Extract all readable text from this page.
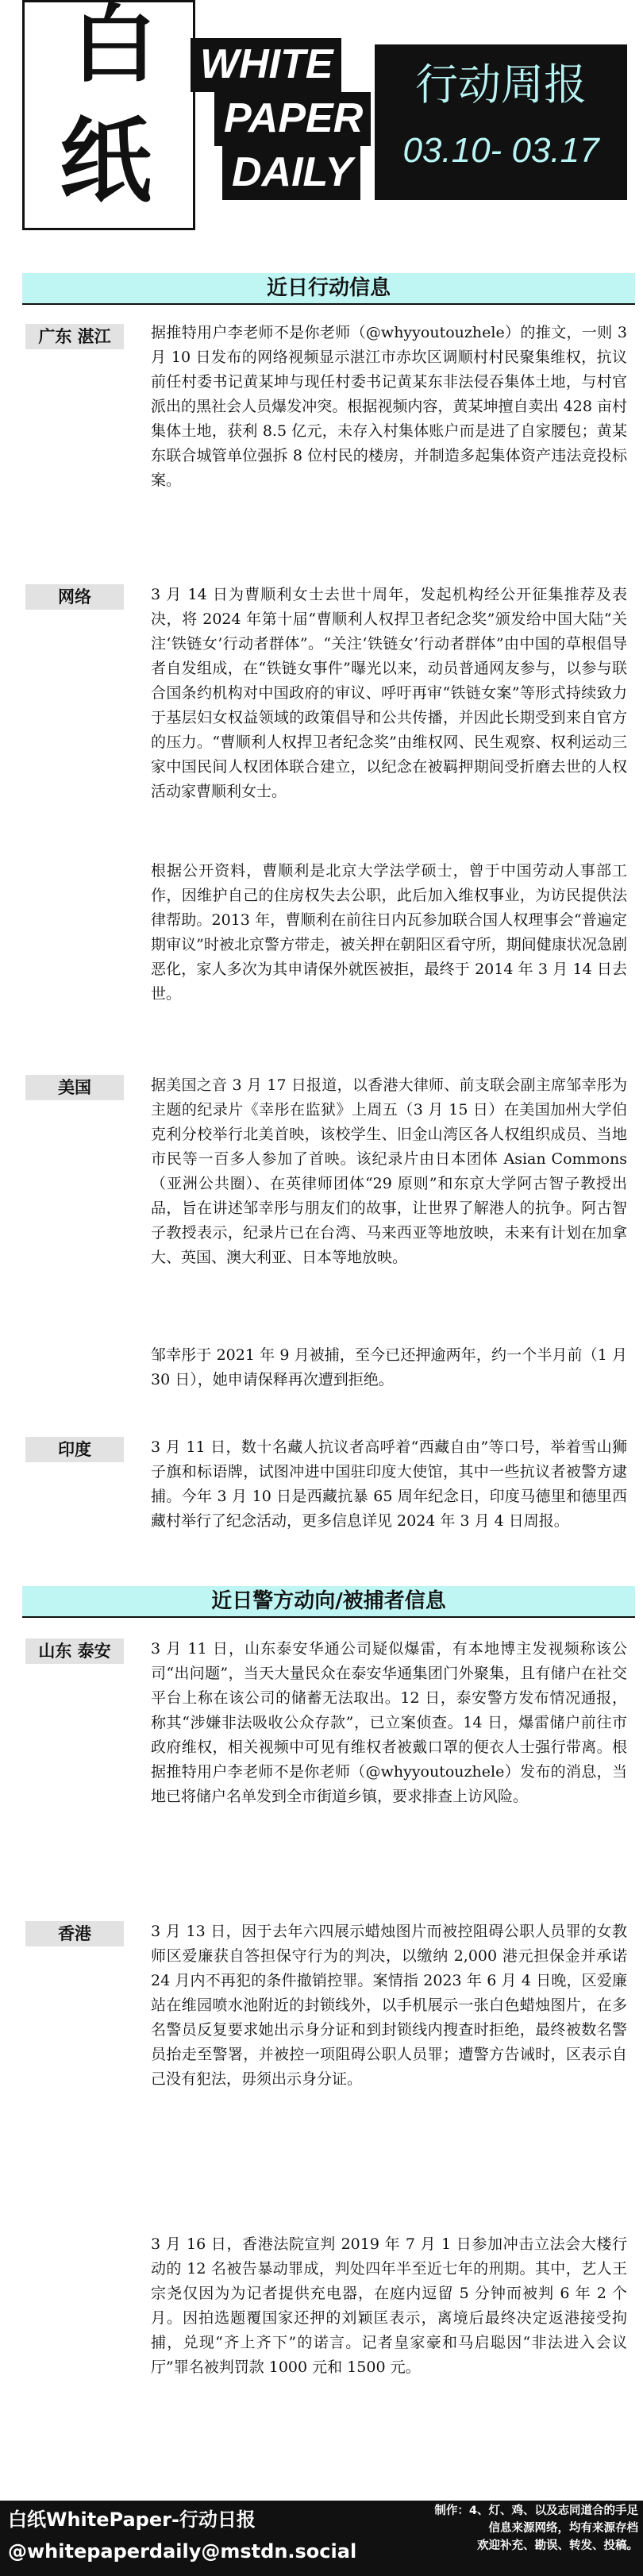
白
纸
WHITE
PAPER
DAILY
行动周报
03.10- 03.17
近日行动信息
广东 湛江	据推特用户李老师不是你老师（@whyyoutouzhele）的推文，一则 3 月 10 日发布的网络视频显示湛江市赤坎区调顺村村民聚集维权，抗议前任村委书记黄某坤与现任村委书记黄某东非法侵吞集体土地，与村官派出的黑社会人员爆发冲突。根据视频内容，黄某坤擅自卖出 428 亩村集体土地，获利 8.5 亿元，未存入村集体账户而是进了自家腰包；黄某东联合城管单位强拆 8 位村民的楼房，并制造多起集体资产违法竞投标案。
网络	3 月 14 日为曹顺利女士去世十周年，发起机构经公开征集推荐及表决，将 2024 年第十届“曹顺利人权捍卫者纪念奖”颁发给中国大陆“关注‘铁链女’行动者群体”。“关注‘铁链女’行动者群体”由中国的草根倡导者自发组成，在“铁链女事件”曝光以来，动员普通网友参与，以参与联合国条约机构对中国政府的审议、呼吁再审“铁链女案”等形式持续致力于基层妇女权益领域的政策倡导和公共传播，并因此长期受到来自官方的压力。“曹顺利人权捍卫者纪念奖”由维权网、民生观察、权利运动三家中国民间人权团体联合建立，以纪念在被羁押期间受折磨去世的人权活动家曹顺利女士。
根据公开资料，曹顺利是北京大学法学硕士，曾于中国劳动人事部工作，因维护自己的住房权失去公职，此后加入维权事业，为访民提供法律帮助。2013 年，曹顺利在前往日内瓦参加联合国人权理事会“普遍定期审议”时被北京警方带走，被关押在朝阳区看守所，期间健康状况急剧恶化，家人多次为其申请保外就医被拒，最终于 2014 年 3 月 14 日去世。
美国	据美国之音 3 月 17 日报道，以香港大律师、前支联会副主席邹幸彤为主题的纪录片《幸彤在监狱》上周五（3 月 15 日）在美国加州大学伯克利分校举行北美首映，该校学生、旧金山湾区各人权组织成员、当地市民等一百多人参加了首映。该纪录片由日本团体 Asian Commons（亚洲公共圈）、在英律师团体“29 原则”和东京大学阿古智子教授出品，旨在讲述邹幸彤与朋友们的故事，让世界了解港人的抗争。阿古智子教授表示，纪录片已在台湾、马来西亚等地放映，未来有计划在加拿大、英国、澳大利亚、日本等地放映。
邹幸彤于 2021 年 9 月被捕，至今已还押逾两年，约一个半月前（1 月 30 日），她申请保释再次遭到拒绝。
印度	3 月 11 日，数十名藏人抗议者高呼着“西藏自由”等口号，举着雪山狮子旗和标语牌，试图冲进中国驻印度大使馆，其中一些抗议者被警方逮捕。今年 3 月 10 日是西藏抗暴 65 周年纪念日，印度马德里和德里西藏村举行了纪念活动，更多信息详见 2024 年 3 月 4 日周报。
近日警方动向/被捕者信息
山东 泰安	3 月 11 日，山东泰安华通公司疑似爆雷，有本地博主发视频称该公司“出问题”，当天大量民众在泰安华通集团门外聚集，且有储户在社交平台上称在该公司的储蓄无法取出。12 日，泰安警方发布情况通报，称其“涉嫌非法吸收公众存款”，已立案侦查。14 日，爆雷储户前往市政府维权，相关视频中可见有维权者被戴口罩的便衣人士强行带离。根据推特用户李老师不是你老师（@whyyoutouzhele）发布的消息，当地已将储户名单发到全市街道乡镇，要求排查上访风险。
香港	3 月 13 日，因于去年六四展示蜡烛图片而被控阻碍公职人员罪的女教师区爱廉获自答担保守行为的判决，以缴纳 2,000 港元担保金并承诺 24 月内不再犯的条件撤销控罪。案情指 2023 年 6 月 4 日晚，区爱廉站在维园喷水池附近的封锁线外，以手机展示一张白色蜡烛图片，在多名警员反复要求她出示身分证和到封锁线内搜查时拒绝，最终被数名警员抬走至警署，并被控一项阻碍公职人员罪；遭警方告诫时，区表示自己没有犯法，毋须出示身分证。
3 月 16 日，香港法院宣判 2019 年 7 月 1 日参加冲击立法会大楼行动的 12 名被告暴动罪成，判处四年半至近七年的刑期。其中，艺人王宗尧仅因为为记者提供充电器，在庭内逗留 5 分钟而被判 6 年 2 个月。因拍选题覆国家还押的刘颖匡表示，离境后最终决定返港接受拘捕，兑现“齐上齐下”的诺言。记者皇家豪和马启聪因“非法进入会议厅”罪名被判罚款 1000 元和 1500 元。
白纸WhitePaper-行动日报
@whitepaperdaily@mstdn.social
制作：4、灯、鸡、以及志同道合的手足
信息来源网络，均有来源存档
欢迎补充、勘误、转发、投稿。
